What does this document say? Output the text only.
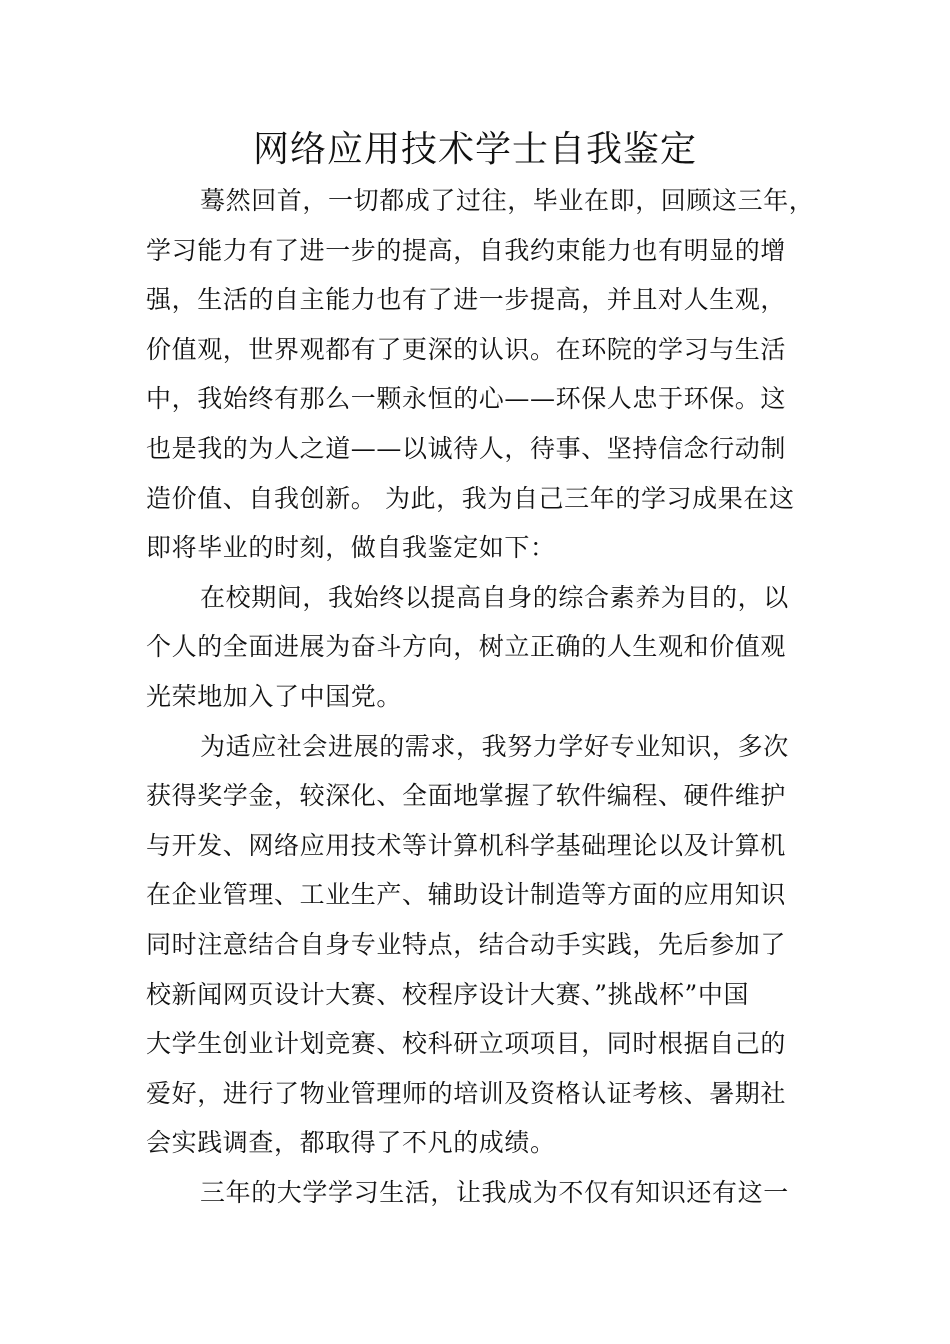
网络应用技术学士自我鉴定
蓦然回首，一切都成了过往，毕业在即，回顾这三年，
学习能力有了进一步的提高，自我约束能力也有明显的增
强，生活的自主能力也有了进一步提高，并且对人生观，
价值观，世界观都有了更深的认识。在环院的学习与生活
中，我始终有那么一颗永恒的心——环保人忠于环保。这
也是我的为人之道——以诚待人，待事、坚持信念行动制
造价值、自我创新。 为此，我为自己三年的学习成果在这
即将毕业的时刻，做自我鉴定如下：
在校期间，我始终以提高自身的综合素养为目的，以
个人的全面进展为奋斗方向，树立正确的人生观和价值观
光荣地加入了中国党。
为适应社会进展的需求，我努力学好专业知识，多次
获得奖学金，较深化、全面地掌握了软件编程、硬件维护
与开发、网络应用技术等计算机科学基础理论以及计算机
在企业管理、工业生产、辅助设计制造等方面的应用知识
同时注意结合自身专业特点，结合动手实践，先后参加了
校新闻网页设计大赛、校程序设计大赛、”挑战杯”中国
大学生创业计划竞赛、校科研立项项目，同时根据自己的
爱好，进行了物业管理师的培训及资格认证考核、暑期社
会实践调查，都取得了不凡的成绩。
三年的大学学习生活，让我成为不仅有知识还有这一
